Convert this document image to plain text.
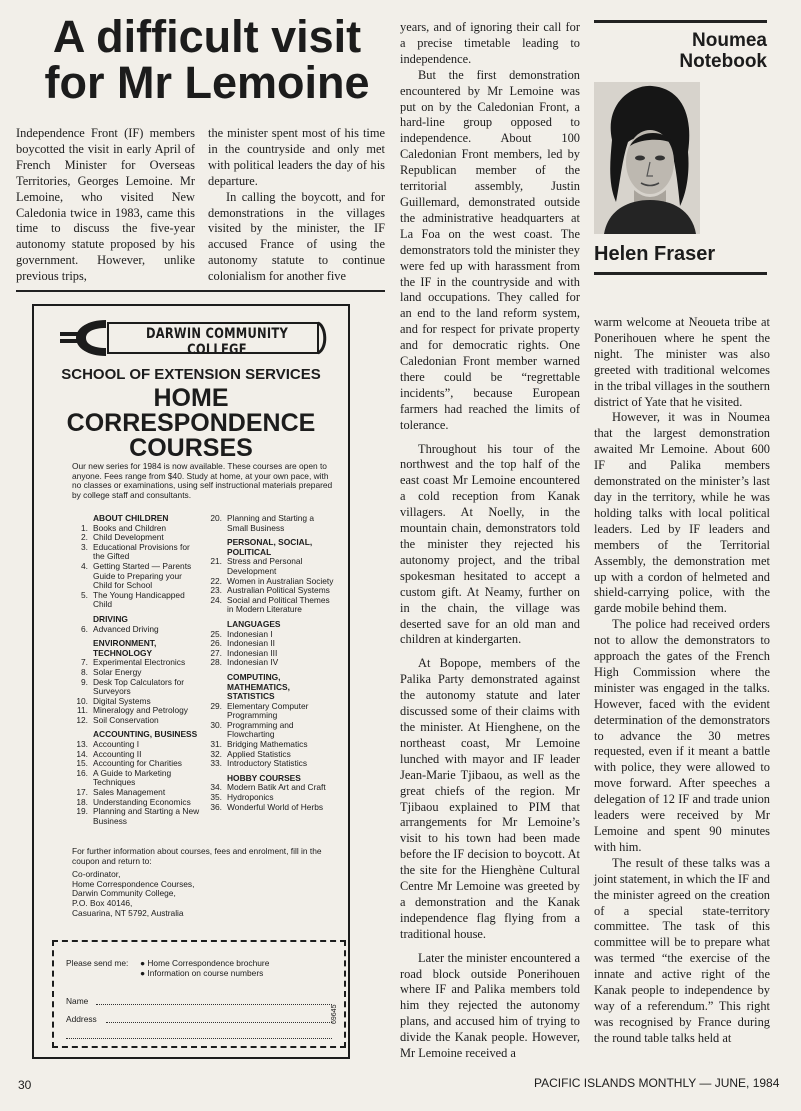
A difficult visit
for Mr Lemoine

Independence Front (IF) members boycotted the visit in early April of French Minister for Overseas Territories, Georges Lemoine. Mr Lemoine, who visited New Caledonia twice in 1983, came this time to discuss the five-year autonomy statute proposed by his government. However, unlike previous trips,

the minister spent most of his time in the countryside and only met with political leaders the day of his departure.

In calling the boycott, and for demonstrations in the villages visited by the minister, the IF accused France of using the autonomy statute to continue colonialism for another five

years, and of ignoring their call for a precise timetable leading to independence.

But the first demonstration encountered by Mr Lemoine was put on by the Caledonian Front, a hard-line group opposed to independence. About 100 Caledonian Front members, led by Republican member of the territorial assembly, Justin Guillemard, demonstrated outside the administrative headquarters at La Foa on the west coast. The demonstrators told the minister they were fed up with harassment from the IF in the countryside and with land occupations. They called for an end to the land reform system, and for respect for private property and for democratic rights. One Caledonian Front member warned there could be “regrettable incidents”, because European farmers had reached the limits of tolerance.

Throughout his tour of the northwest and the top half of the east coast Mr Lemoine encountered a cold reception from Kanak villagers. At Noelly, in the mountain chain, demonstrators told the minister they rejected his autonomy project, and the tribal spokesman hesitated to accept a custom gift. At Neamy, further on in the chain, the village was deserted save for an old man and children at kindergarten.

At Bopope, members of the Palika Party demonstrated against the autonomy statute and later discussed some of their claims with the minister. At Hienghene, on the northeast coast, Mr Lemoine lunched with mayor and IF leader Jean-Marie Tjibaou, as well as the great chiefs of the region. Mr Tjibaou explained to PIM that arrangements for Mr Lemoine’s visit to his town had been made before the IF decision to boycott. At the site for the Hienghène Cultural Centre Mr Lemoine was greeted by a demonstration and the Kanak independence flag flying from a traditional house.

Later the minister encountered a road block outside Ponerihouen where IF and Palika members told him they rejected the autonomy plans, and accused him of trying to divide the Kanak people. However, Mr Lemoine received a

Noumea
Notebook
Helen Fraser

warm welcome at Neoueta tribe at Ponerihouen where he spent the night. The minister was also greeted with traditional welcomes in the tribal villages in the southern district of Yate that he visited.

However, it was in Noumea that the largest demonstration awaited Mr Lemoine. About 600 IF and Palika members demonstrated on the minister’s last day in the territory, while he was holding talks with local political leaders. Led by IF leaders and members of the Territorial Assembly, the demonstration met up with a cordon of helmeted and shield-carrying police, with the garde mobile behind them.

The police had received orders not to allow the demonstrators to approach the gates of the French High Commission where the minister was engaged in the talks. However, faced with the evident determination of the demonstrators to advance the 30 metres requested, even if it meant a battle with police, they were allowed to move forward. After speeches a delegation of 12 IF and trade union leaders were received by Mr Lemoine and spent 90 minutes with him.

The result of these talks was a joint statement, in which the IF and the minister agreed on the creation of a special state-territory committee. The task of this committee will be to prepare what was termed “the exercise of the innate and active right of the Kanak people to independence by way of a referendum.” This right was recognised by France during the round table talks held at

DARWIN COMMUNITY COLLEGE
SCHOOL OF EXTENSION SERVICES
HOME
CORRESPONDENCE
COURSES
Our new series for 1984 is now available. These courses are open to anyone. Fees range from $40. Study at home, at your own pace, with no classes or examinations, using self instructional materials prepared by college staff and consultants.
ABOUT CHILDREN
1. Books and Children
2. Child Development
3. Educational Provisions for the Gifted
4. Getting Started — Parents Guide to Preparing your Child for School
5. The Young Handicapped Child
DRIVING
6. Advanced Driving
ENVIRONMENT, TECHNOLOGY
7. Experimental Electronics
8. Solar Energy
9. Desk Top Calculators for Surveyors
10. Digital Systems
11. Mineralogy and Petrology
12. Soil Conservation
ACCOUNTING, BUSINESS
13. Accounting I
14. Accounting II
15. Accounting for Charities
16. A Guide to Marketing Techniques
17. Sales Management
18. Understanding Economics
19. Planning and Starting a New Business
20. Planning and Starting a Small Business
PERSONAL, SOCIAL, POLITICAL
21. Stress and Personal Development
22. Women in Australian Society
23. Australian Political Systems
24. Social and Political Themes in Modern Literature
LANGUAGES
25. Indonesian I
26. Indonesian II
27. Indonesian III
28. Indonesian IV
COMPUTING, MATHEMATICS, STATISTICS
29. Elementary Computer Programming
30. Programming and Flowcharting
31. Bridging Mathematics
32. Applied Statistics
33. Introductory Statistics
HOBBY COURSES
34. Modern Batik Art and Craft
35. Hydroponics
36. Wonderful World of Herbs
For further information about courses, fees and enrolment, fill in the coupon and return to:
Co-ordinator,
Home Correspondence Courses,
Darwin Community College,
P.O. Box 40146,
Casuarina, NT 5792, Australia
Please send me: ● Home Correspondence brochure
● Information on course numbers
Name
Address	69645
30	PACIFIC ISLANDS MONTHLY — JUNE, 1984
